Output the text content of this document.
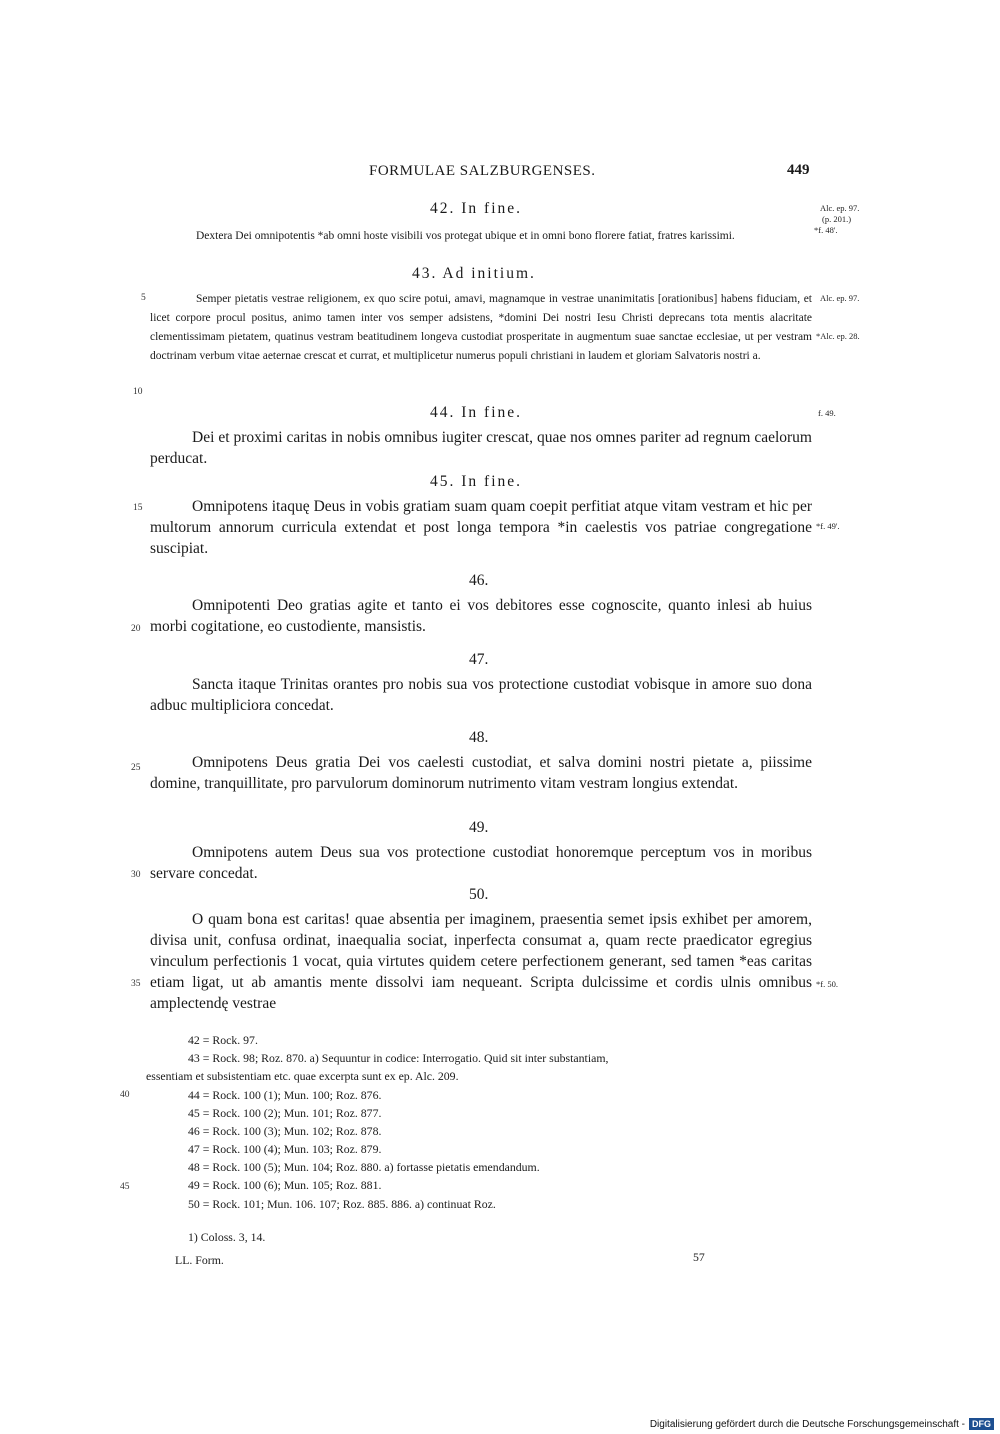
FORMULAE SALZBURGENSES.	449
42. In fine.

Dextera Dei omnipotentis *ab omni hoste visibili vos protegat ubique et in omni bono florere fatiat, fratres karissimi.

43. Ad initium.

Semper pietatis vestrae religionem, ex quo scire potui, amavi, magnamque in vestrae unanimitatis [orationibus] habens fiduciam, et licet corpore procul positus, animo tamen inter vos semper adsistens, *domini Dei nostri Iesu Christi deprecans tota mentis alacritate clementissimam pietatem, quatinus vestram beatitudinem longeva custodiat prosperitate in augmentum suae sanctae ecclesiae, ut per vestram doctrinam verbum vitae aeternae crescat et currat, et multiplicetur numerus populi christiani in laudem et gloriam Salvatoris nostri a.

44. In fine.

Dei et proximi caritas in nobis omnibus iugiter crescat, quae nos omnes pariter ad regnum caelorum perducat.

45. In fine.

Omnipotens itaquę Deus in vobis gratiam suam quam coepit perfitiat atque vitam vestram et hic per multorum annorum curricula extendat et post longa tempora *in caelestis vos patriae congregatione suscipiat.

46.

Omnipotenti Deo gratias agite et tanto ei vos debitores esse cognoscite, quanto inlesi ab huius morbi cogitatione, eo custodiente, mansistis.

47.

Sancta itaque Trinitas orantes pro nobis sua vos protectione custodiat vobisque in amore suo dona adbuc multipliciora concedat.

48.

Omnipotens Deus gratia Dei vos caelesti custodiat, et salva domini nostri pietate a, piissime domine, tranquillitate, pro parvulorum dominorum nutrimento vitam vestram longius extendat.

49.

Omnipotens autem Deus sua vos protectione custodiat honoremque perceptum vos in moribus servare concedat.

50.

O quam bona est caritas! quae absentia per imaginem, praesentia semet ipsis exhibet per amorem, divisa unit, confusa ordinat, inaequalia sociat, inperfecta consumat a, quam recte praedicator egregius vinculum perfectionis 1 vocat, quia virtutes quidem cetere perfectionem generant, sed tamen *eas caritas etiam ligat, ut ab amantis mente dissolvi iam nequeant. Scripta dulcissime et cordis ulnis omnibus amplectendę vestrae

5
10
15
20
25
30
35
40
45
Alc. ep. 97.
(p. 201.)
*f. 48'.
Alc. ep. 97.
*Alc. ep. 28.
f. 49.
*f. 49'.
*f. 50.
42 = Rock. 97.
43 = Rock. 98; Roz. 870. a) Sequuntur in codice: Interrogatio. Quid sit inter substantiam,
essentiam et subsistentiam etc. quae excerpta sunt ex ep. Alc. 209.
44 = Rock. 100 (1); Mun. 100; Roz. 876.
45 = Rock. 100 (2); Mun. 101; Roz. 877.
46 = Rock. 100 (3); Mun. 102; Roz. 878.
47 = Rock. 100 (4); Mun. 103; Roz. 879.
48 = Rock. 100 (5); Mun. 104; Roz. 880. a) fortasse pietatis emendandum.
49 = Rock. 100 (6); Mun. 105; Roz. 881.
50 = Rock. 101; Mun. 106. 107; Roz. 885. 886. a) continuat Roz.
1) Coloss. 3, 14.
LL. Form.	57
Digitalisierung gefördert durch die Deutsche Forschungsgemeinschaft - DFG
